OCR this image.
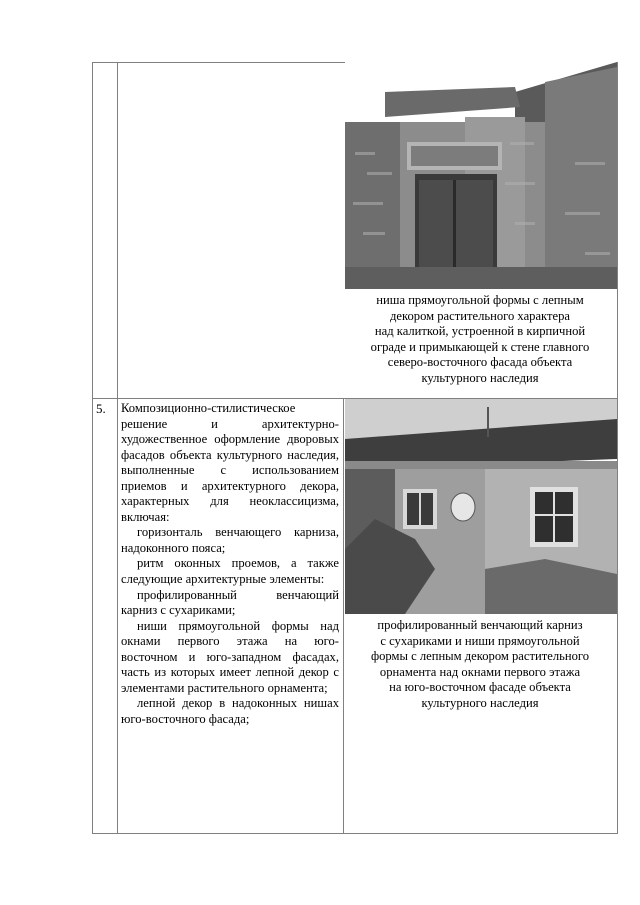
ниша прямоугольной формы с лепным
декором растительного характера
над калиткой, устроенной в кирпичной
ограде и примыкающей к стене главного
северо-восточного фасада объекта
культурного наследия
5.	Композиционно-стилистическое решение и архитектурно-художественное оформление дворовых фасадов объекта культурного наследия, выполненные с использованием приемов и архитектурного декора, характерных для неоклассицизма, включая:

горизонталь венчающего карниза, надоконного пояса;

ритм оконных проемов, а также следующие архитектурные элементы:

профилированный венчающий карниз с сухариками;

ниши прямоугольной формы над окнами первого этажа на юго-восточном и юго-западном фасадах, часть из которых имеет лепной декор с элементами растительного орнамента;

лепной декор в надоконных нишах юго-восточного фасада;

профилированный венчающий карниз
с сухариками и ниши прямоугольной
формы с лепным декором растительного
орнамента над окнами первого этажа
на юго-восточном фасаде объекта
культурного наследия
